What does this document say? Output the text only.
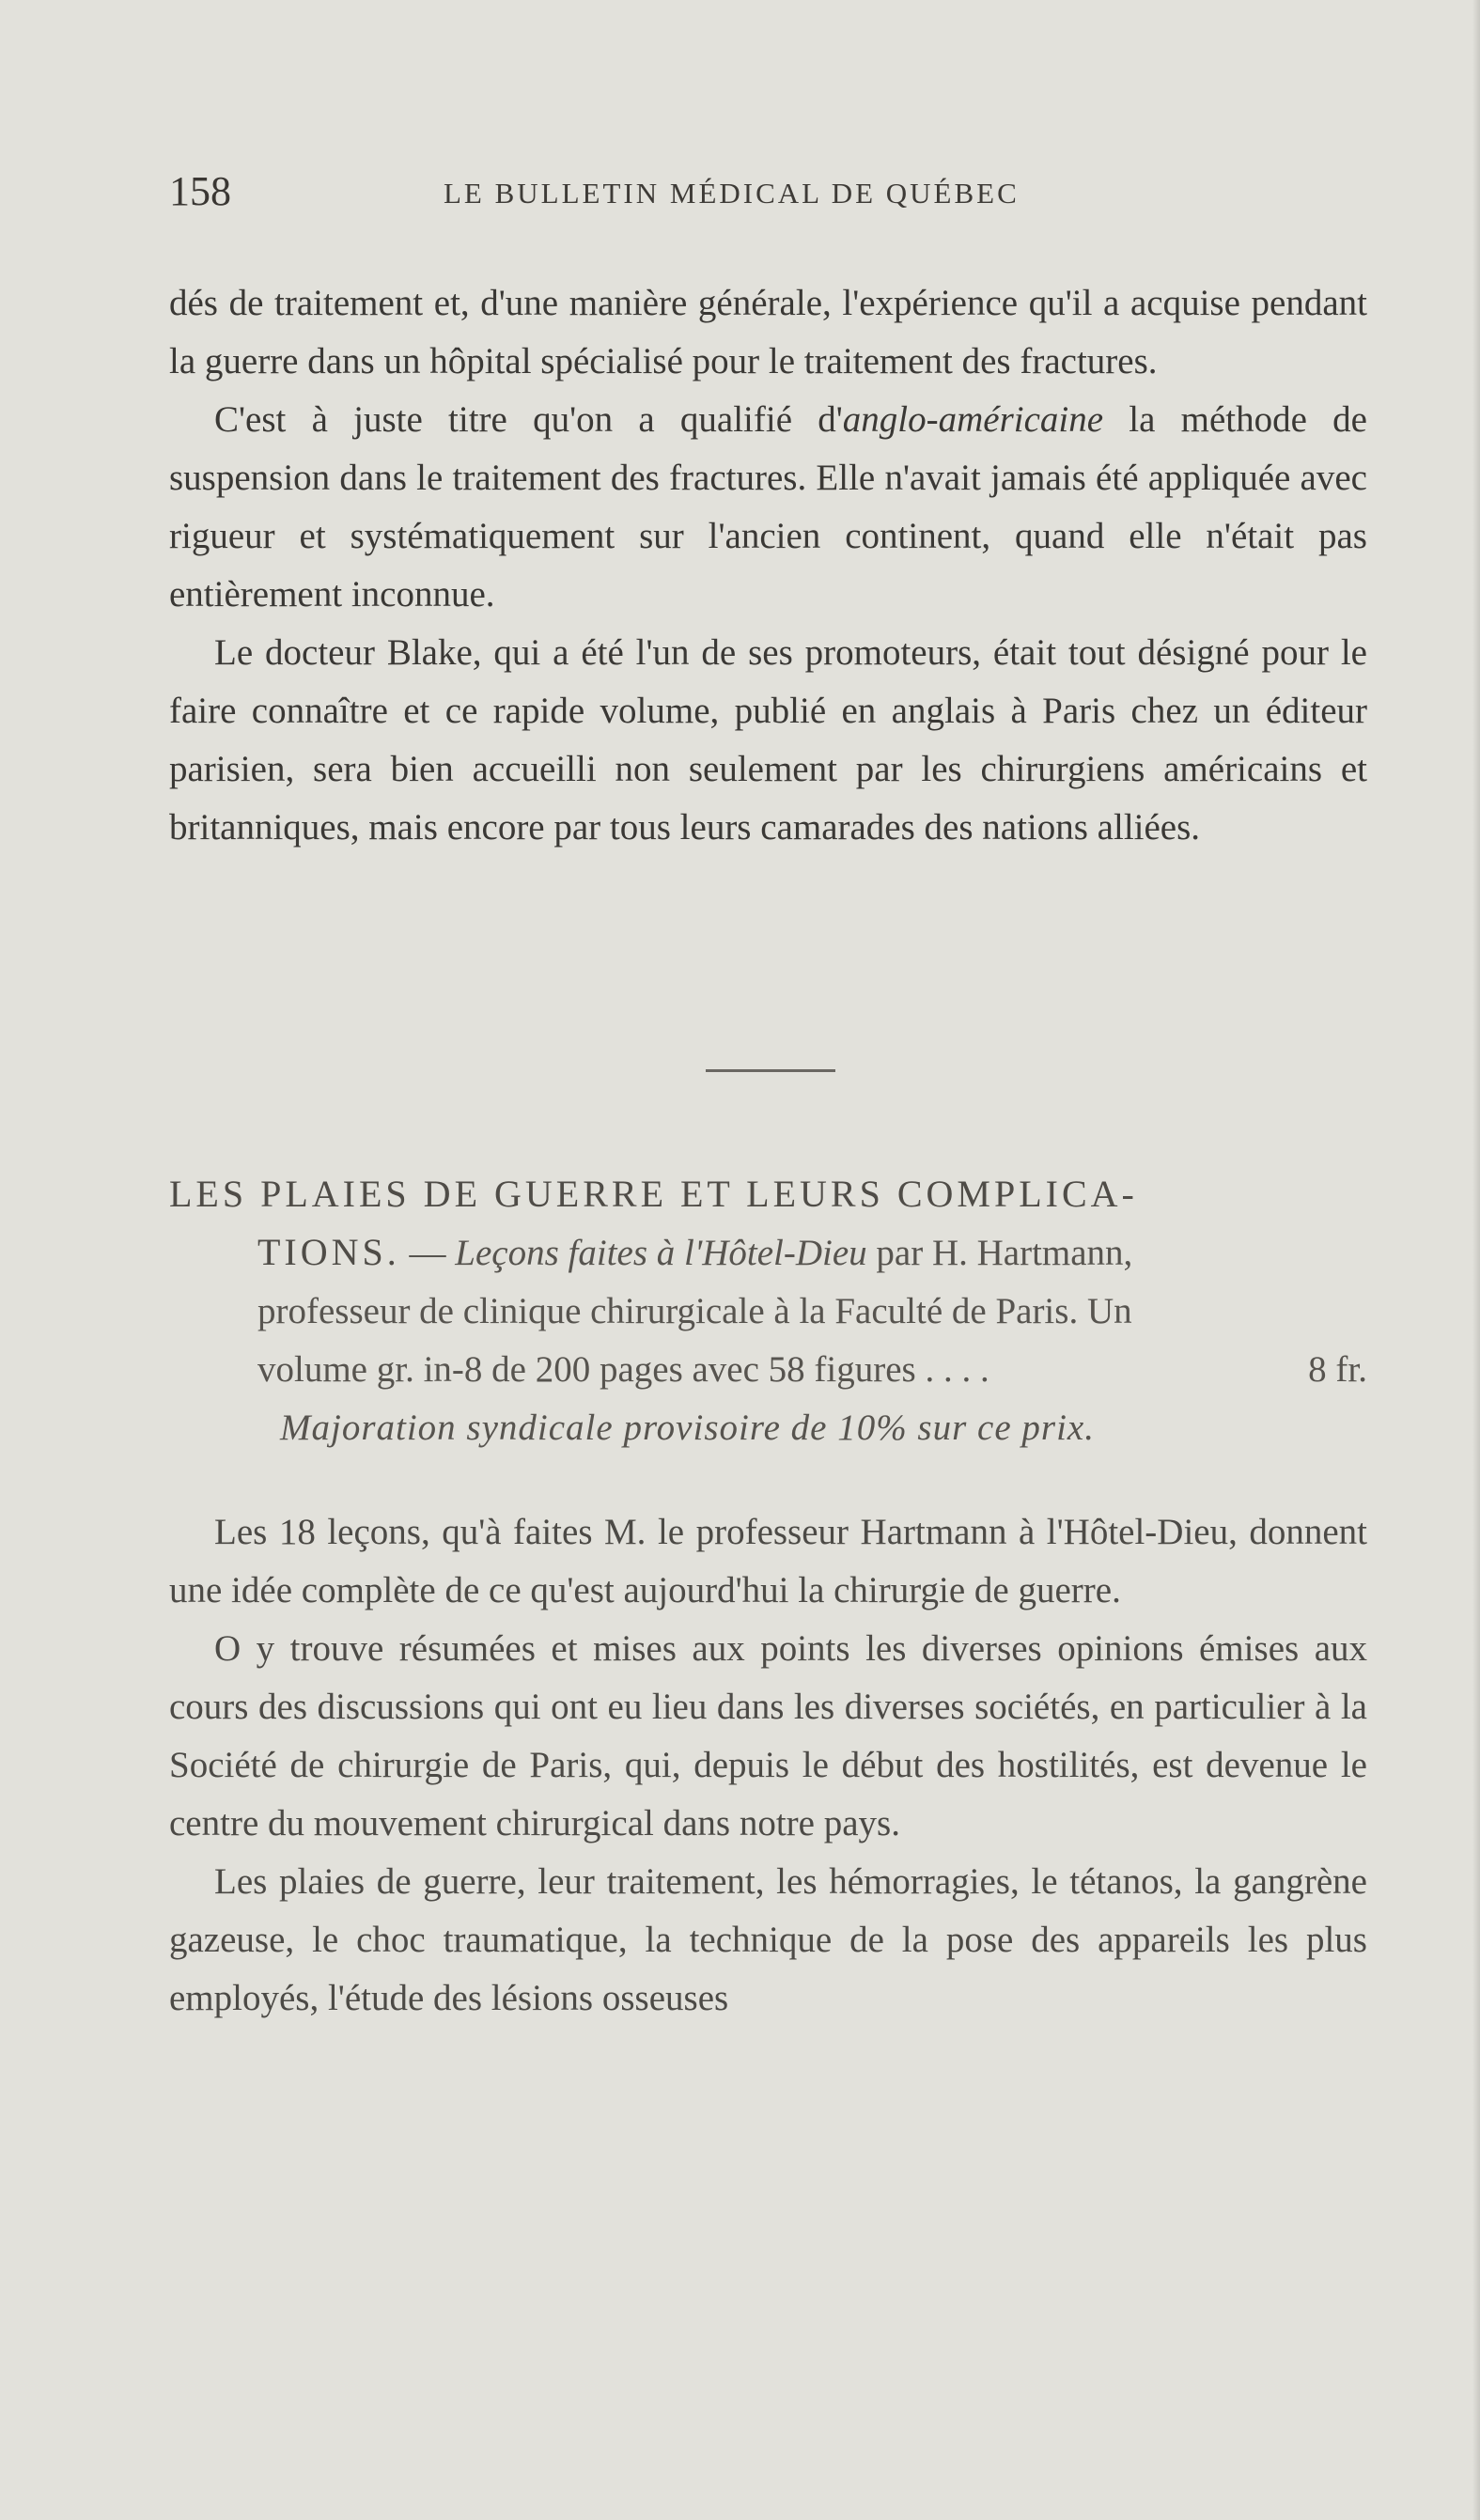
158	LE BULLETIN MÉDICAL DE QUÉBEC

dés de traitement et, d'une manière générale, l'expérience qu'il a acquise pendant la guerre dans un hôpital spécialisé pour le traitement des fractures.

C'est à juste titre qu'on a qualifié d'anglo-américaine la méthode de suspension dans le traitement des fractures. Elle n'avait jamais été appliquée avec rigueur et systématiquement sur l'ancien continent, quand elle n'était pas entièrement inconnue.

Le docteur Blake, qui a été l'un de ses promoteurs, était tout désigné pour le faire connaître et ce rapide volume, publié en anglais à Paris chez un éditeur parisien, sera bien accueilli non seulement par les chirurgiens américains et britanniques, mais encore par tous leurs camarades des nations alliées.

LES PLAIES DE GUERRE ET LEURS COMPLICA-
TIONS. — Leçons faites à l'Hôtel-Dieu par H. Hartmann,
professeur de clinique chirurgicale à la Faculté de Paris. Un
volume gr. in-8 de 200 pages avec 58 figures . . . .	8 fr.
Majoration syndicale provisoire de 10% sur ce prix.

Les 18 leçons, qu'à faites M. le professeur Hartmann à l'Hôtel-Dieu, donnent une idée complète de ce qu'est aujourd'hui la chirurgie de guerre.

O y trouve résumées et mises aux points les diverses opinions émises aux cours des discussions qui ont eu lieu dans les diverses sociétés, en particulier à la Société de chirurgie de Paris, qui, depuis le début des hostilités, est devenue le centre du mouvement chirurgical dans notre pays.

Les plaies de guerre, leur traitement, les hémorragies, le tétanos, la gangrène gazeuse, le choc traumatique, la technique de la pose des appareils les plus employés, l'étude des lésions osseuses
